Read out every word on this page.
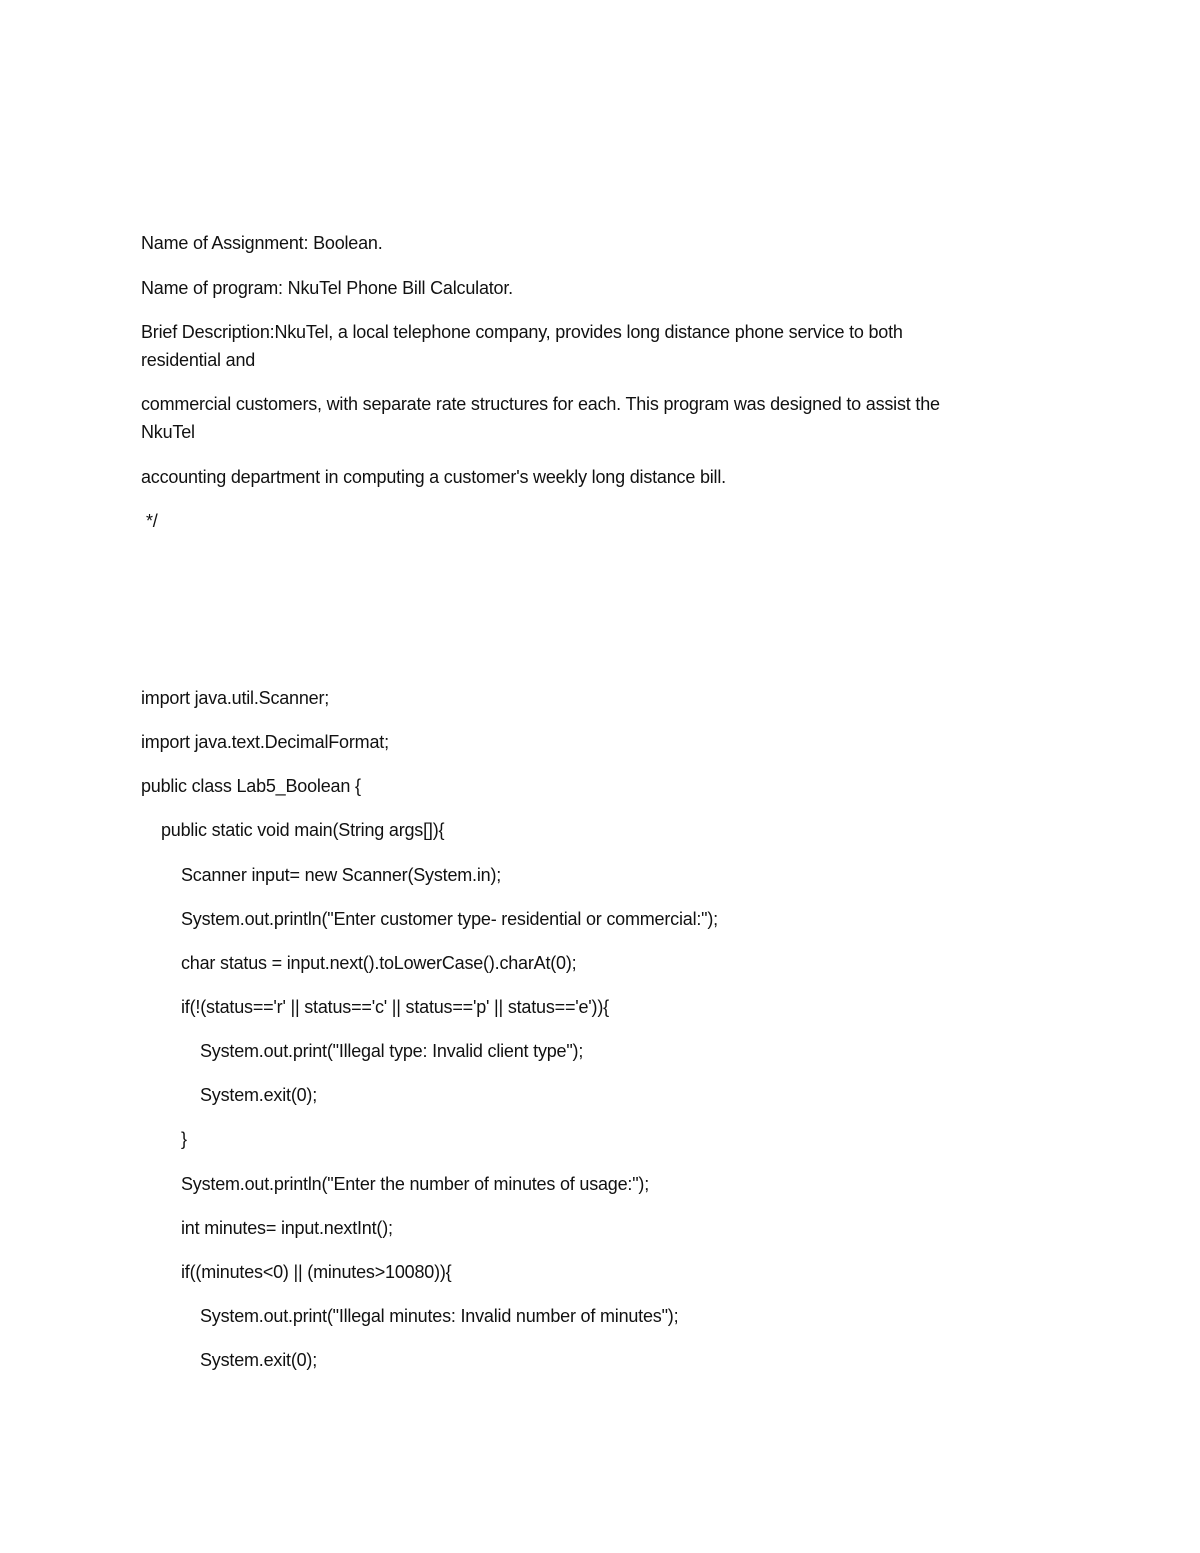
Name of Assignment: Boolean.
Name of program: NkuTel Phone Bill Calculator.
Brief Description:NkuTel, a local telephone company, provides long distance phone service to both
residential and
commercial customers, with separate rate structures for each. This program was designed to assist the
NkuTel
accounting department in computing a customer's weekly long distance bill.
*/
import java.util.Scanner;
import java.text.DecimalFormat;
public class Lab5_Boolean {
public static void main(String args[]){
Scanner input= new Scanner(System.in);
System.out.println("Enter customer type- residential or commercial:");
char status = input.next().toLowerCase().charAt(0);
if(!(status=='r' || status=='c' || status=='p' || status=='e')){
System.out.print("Illegal type: Invalid client type");
System.exit(0);
}
System.out.println("Enter the number of minutes of usage:");
int minutes= input.nextInt();
if((minutes<0) || (minutes>10080)){
System.out.print("Illegal minutes: Invalid number of minutes");
System.exit(0);
